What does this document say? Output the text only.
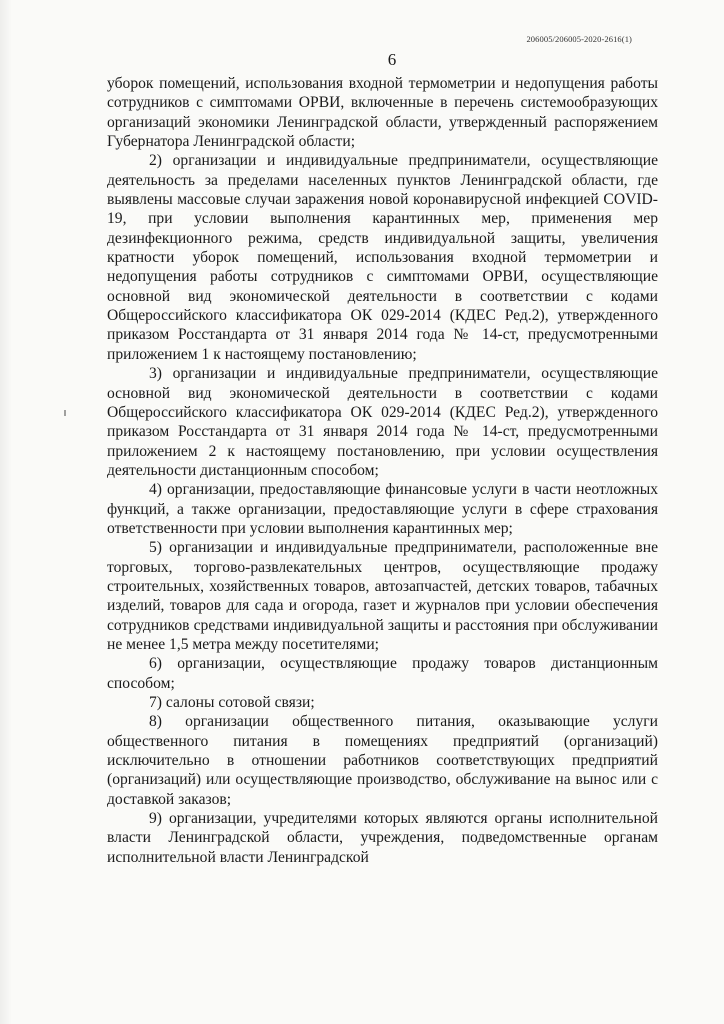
206005/206005-2020-2616(1)
6

уборок помещений, использования входной термометрии и недопущения работы сотрудников с симптомами ОРВИ, включенные в перечень системообразующих организаций экономики Ленинградской области, утвержденный распоряжением Губернатора Ленинградской области;

2) организации и индивидуальные предприниматели, осуществляющие деятельность за пределами населенных пунктов Ленинградской области, где выявлены массовые случаи заражения новой коронавирусной инфекцией COVID-19, при условии выполнения карантинных мер, применения мер дезинфекционного режима, средств индивидуальной защиты, увеличения кратности уборок помещений, использования входной термометрии и недопущения работы сотрудников с симптомами ОРВИ, осуществляющие основной вид экономической деятельности в соответствии с кодами Общероссийского классификатора ОК 029-2014 (КДЕС Ред.2), утвержденного приказом Росстандарта от 31 января 2014 года № 14-ст, предусмотренными приложением 1 к настоящему постановлению;

3) организации и индивидуальные предприниматели, осуществляющие основной вид экономической деятельности в соответствии с кодами Общероссийского классификатора ОК 029-2014 (КДЕС Ред.2), утвержденного приказом Росстандарта от 31 января 2014 года № 14-ст, предусмотренными приложением 2 к настоящему постановлению, при условии осуществления деятельности дистанционным способом;

4) организации, предоставляющие финансовые услуги в части неотложных функций, а также организации, предоставляющие услуги в сфере страхования ответственности при условии выполнения карантинных мер;

5) организации и индивидуальные предприниматели, расположенные вне торговых, торгово-развлекательных центров, осуществляющие продажу строительных, хозяйственных товаров, автозапчастей, детских товаров, табачных изделий, товаров для сада и огорода, газет и журналов при условии обеспечения сотрудников средствами индивидуальной защиты и расстояния при обслуживании не менее 1,5 метра между посетителями;

6) организации, осуществляющие продажу товаров дистанционным способом;

7) салоны сотовой связи;

8) организации общественного питания, оказывающие услуги общественного питания в помещениях предприятий (организаций) исключительно в отношении работников соответствующих предприятий (организаций) или осуществляющие производство, обслуживание на вынос или с доставкой заказов;

9) организации, учредителями которых являются органы исполнительной власти Ленинградской области, учреждения, подведомственные органам исполнительной власти Ленинградской
